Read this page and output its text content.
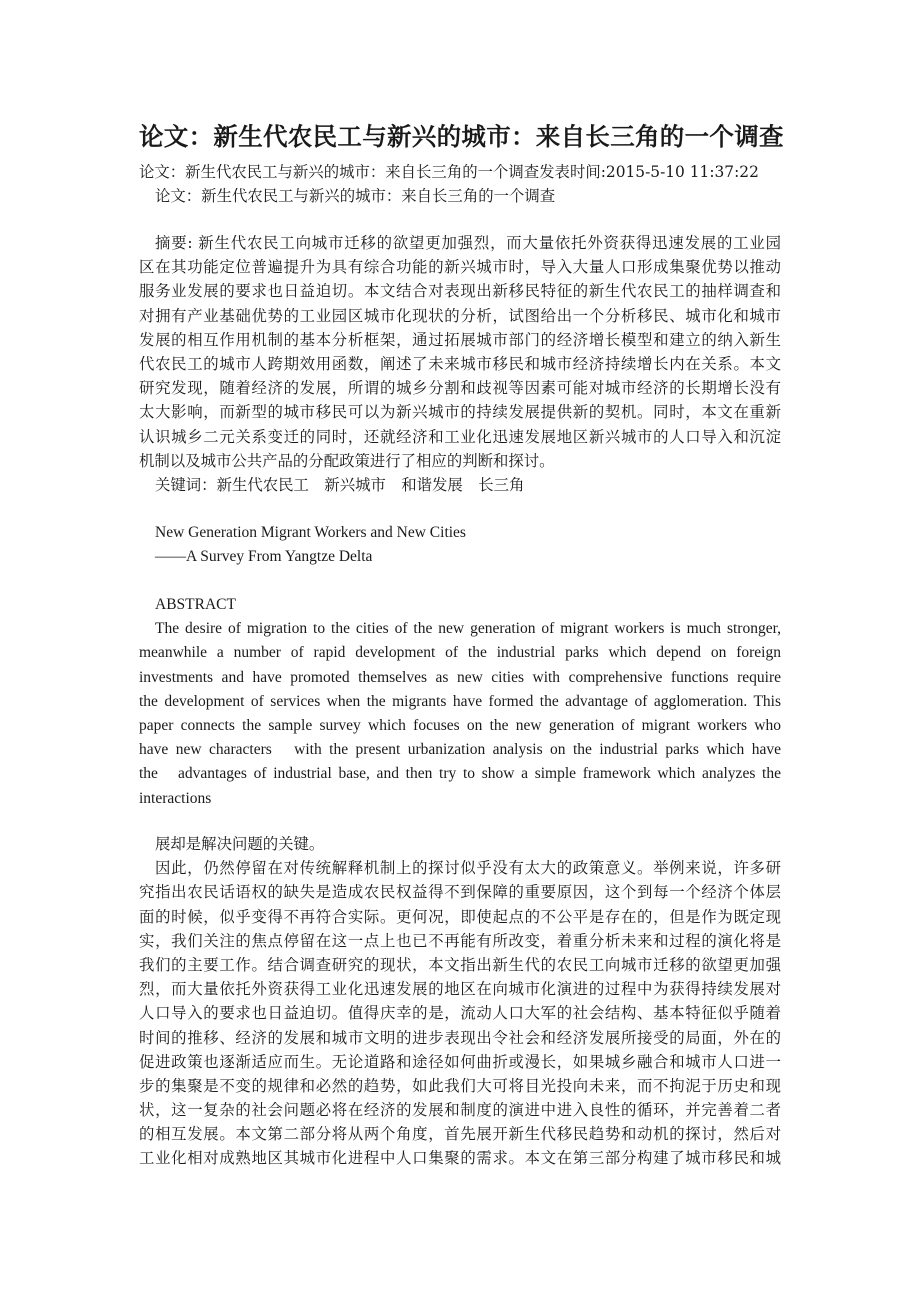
论文：新生代农民工与新兴的城市：来自长三角的一个调查
论文：新生代农民工与新兴的城市：来自长三角的一个调查发表时间:2015-5-10 11:37:22
论文：新生代农民工与新兴的城市：来自长三角的一个调查
摘要: 新生代农民工向城市迁移的欲望更加强烈，而大量依托外资获得迅速发展的工业园
区在其功能定位普遍提升为具有综合功能的新兴城市时，导入大量人口形成集聚优势以推动
服务业发展的要求也日益迫切。本文结合对表现出新移民特征的新生代农民工的抽样调查和
对拥有产业基础优势的工业园区城市化现状的分析，试图给出一个分析移民、城市化和城市
发展的相互作用机制的基本分析框架，通过拓展城市部门的经济增长模型和建立的纳入新生
代农民工的城市人跨期效用函数，阐述了未来城市移民和城市经济持续增长内在关系。本文
研究发现，随着经济的发展，所谓的城乡分割和歧视等因素可能对城市经济的长期增长没有
太大影响，而新型的城市移民可以为新兴城市的持续发展提供新的契机。同时，本文在重新
认识城乡二元关系变迁的同时，还就经济和工业化迅速发展地区新兴城市的人口导入和沉淀
机制以及城市公共产品的分配政策进行了相应的判断和探讨。
关键词：新生代农民工　新兴城市　和谐发展　长三角
New Generation Migrant Workers and New Cities
——A Survey From Yangtze Delta
ABSTRACT
The desire of migration to the cities of the new generation of migrant workers is much stronger,
meanwhile a number of rapid development of the industrial parks which depend on foreign
investments and have promoted themselves as new cities with comprehensive functions require
the development of services when the migrants have formed the advantage of agglomeration. This
paper connects the sample survey which focuses on the new generation of migrant workers who
have new characters   with the present urbanization analysis on the industrial parks which have
the   advantages of industrial base, and then try to show a simple framework which analyzes the
interactions
展却是解决问题的关键。
因此，仍然停留在对传统解释机制上的探讨似乎没有太大的政策意义。举例来说，许多研
究指出农民话语权的缺失是造成农民权益得不到保障的重要原因，这个到每一个经济个体层
面的时候，似乎变得不再符合实际。更何况，即使起点的不公平是存在的，但是作为既定现
实，我们关注的焦点停留在这一点上也已不再能有所改变，着重分析未来和过程的演化将是
我们的主要工作。结合调查研究的现状，本文指出新生代的农民工向城市迁移的欲望更加强
烈，而大量依托外资获得工业化迅速发展的地区在向城市化演进的过程中为获得持续发展对
人口导入的要求也日益迫切。值得庆幸的是，流动人口大军的社会结构、基本特征似乎随着
时间的推移、经济的发展和城市文明的进步表现出令社会和经济发展所接受的局面，外在的
促进政策也逐渐适应而生。无论道路和途径如何曲折或漫长，如果城乡融合和城市人口进一
步的集聚是不变的规律和必然的趋势，如此我们大可将目光投向未来，而不拘泥于历史和现
状，这一复杂的社会问题必将在经济的发展和制度的演进中进入良性的循环，并完善着二者
的相互发展。本文第二部分将从两个角度，首先展开新生代移民趋势和动机的探讨，然后对
工业化相对成熟地区其城市化进程中人口集聚的需求。本文在第三部分构建了城市移民和城
